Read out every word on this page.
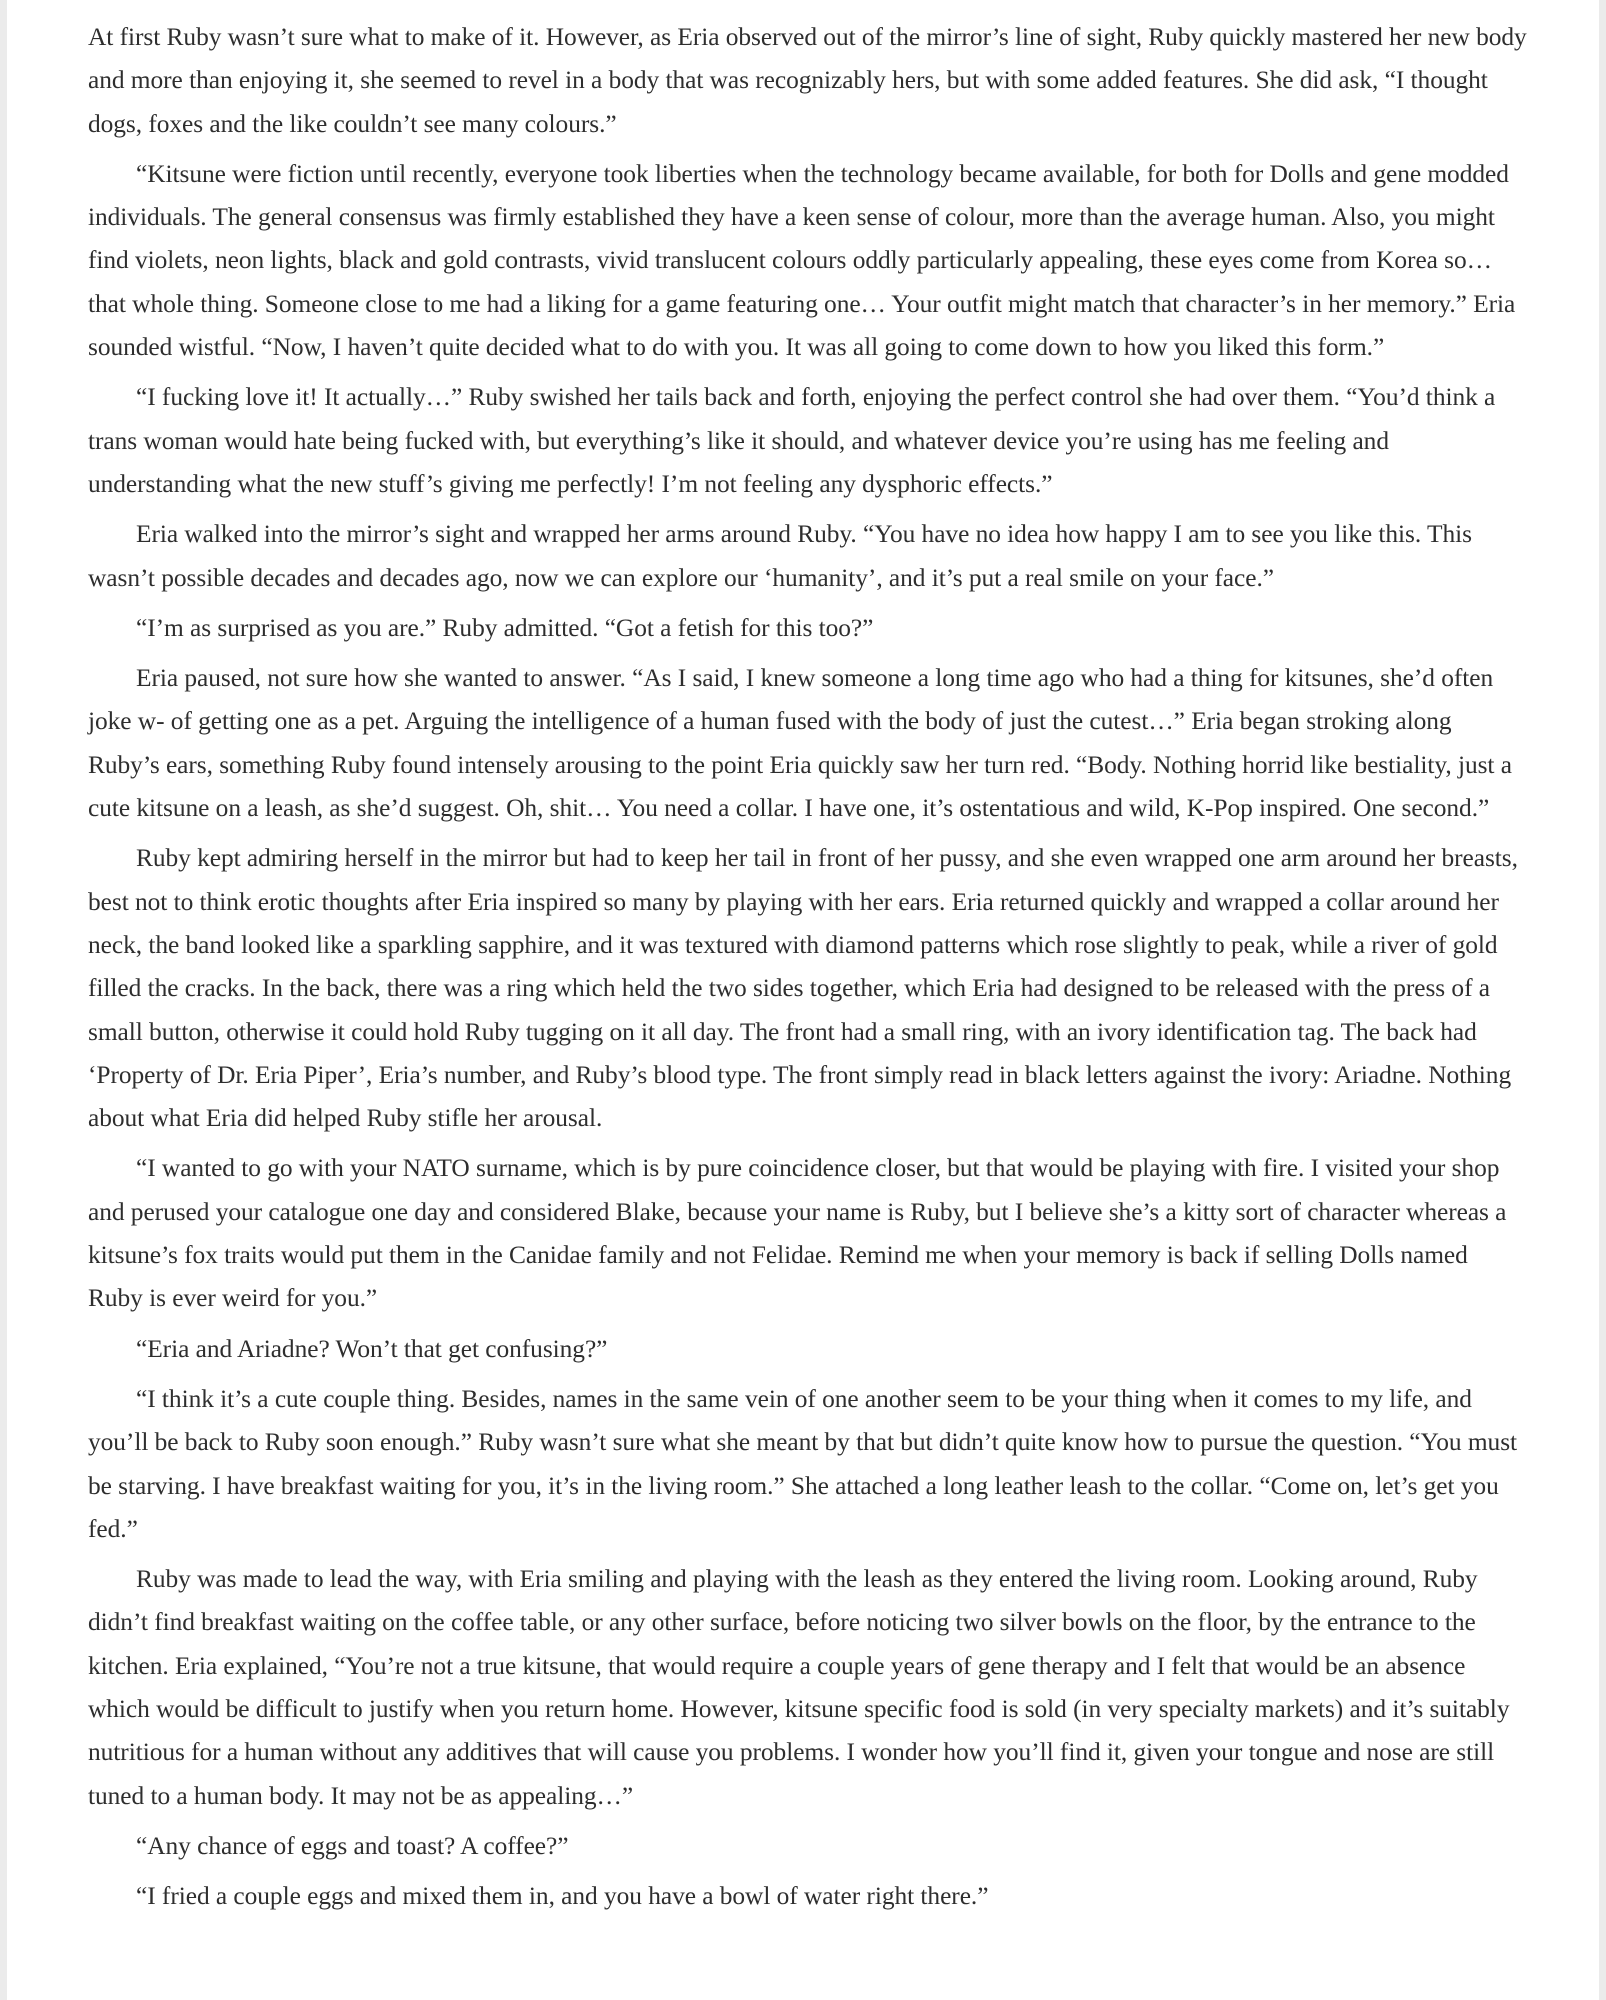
At first Ruby wasn’t sure what to make of it. However, as Eria observed out of the mirror’s line of sight, Ruby quickly mastered her new body and more than enjoying it, she seemed to revel in a body that was recognizably hers, but with some added features. She did ask, “I thought dogs, foxes and the like couldn’t see many colours.”

“Kitsune were fiction until recently, everyone took liberties when the technology became available, for both for Dolls and gene modded individuals. The general consensus was firmly established they have a keen sense of colour, more than the average human. Also, you might find violets, neon lights, black and gold contrasts, vivid translucent colours oddly particularly appealing, these eyes come from Korea so… that whole thing. Someone close to me had a liking for a game featuring one… Your outfit might match that character’s in her memory.” Eria sounded wistful. “Now, I haven’t quite decided what to do with you. It was all going to come down to how you liked this form.”

“I fucking love it! It actually…” Ruby swished her tails back and forth, enjoying the perfect control she had over them. “You’d think a trans woman would hate being fucked with, but everything’s like it should, and whatever device you’re using has me feeling and understanding what the new stuff’s giving me perfectly! I’m not feeling any dysphoric effects.”

Eria walked into the mirror’s sight and wrapped her arms around Ruby. “You have no idea how happy I am to see you like this. This wasn’t possible decades and decades ago, now we can explore our ‘humanity’, and it’s put a real smile on your face.”

“I’m as surprised as you are.” Ruby admitted. “Got a fetish for this too?”

Eria paused, not sure how she wanted to answer. “As I said, I knew someone a long time ago who had a thing for kitsunes, she’d often joke w- of getting one as a pet. Arguing the intelligence of a human fused with the body of just the cutest…” Eria began stroking along Ruby’s ears, something Ruby found intensely arousing to the point Eria quickly saw her turn red. “Body. Nothing horrid like bestiality, just a cute kitsune on a leash, as she’d suggest. Oh, shit… You need a collar. I have one, it’s ostentatious and wild, K-Pop inspired. One second.”

Ruby kept admiring herself in the mirror but had to keep her tail in front of her pussy, and she even wrapped one arm around her breasts, best not to think erotic thoughts after Eria inspired so many by playing with her ears. Eria returned quickly and wrapped a collar around her neck, the band looked like a sparkling sapphire, and it was textured with diamond patterns which rose slightly to peak, while a river of gold filled the cracks. In the back, there was a ring which held the two sides together, which Eria had designed to be released with the press of a small button, otherwise it could hold Ruby tugging on it all day. The front had a small ring, with an ivory identification tag. The back had ‘Property of Dr. Eria Piper’, Eria’s number, and Ruby’s blood type. The front simply read in black letters against the ivory: Ariadne. Nothing about what Eria did helped Ruby stifle her arousal.

“I wanted to go with your NATO surname, which is by pure coincidence closer, but that would be playing with fire. I visited your shop and perused your catalogue one day and considered Blake, because your name is Ruby, but I believe she’s a kitty sort of character whereas a kitsune’s fox traits would put them in the Canidae family and not Felidae. Remind me when your memory is back if selling Dolls named Ruby is ever weird for you.”

“Eria and Ariadne? Won’t that get confusing?”

“I think it’s a cute couple thing. Besides, names in the same vein of one another seem to be your thing when it comes to my life, and you’ll be back to Ruby soon enough.” Ruby wasn’t sure what she meant by that but didn’t quite know how to pursue the question. “You must be starving. I have breakfast waiting for you, it’s in the living room.” She attached a long leather leash to the collar. “Come on, let’s get you fed.”

Ruby was made to lead the way, with Eria smiling and playing with the leash as they entered the living room. Looking around, Ruby didn’t find breakfast waiting on the coffee table, or any other surface, before noticing two silver bowls on the floor, by the entrance to the kitchen. Eria explained, “You’re not a true kitsune, that would require a couple years of gene therapy and I felt that would be an absence which would be difficult to justify when you return home. However, kitsune specific food is sold (in very specialty markets) and it’s suitably nutritious for a human without any additives that will cause you problems. I wonder how you’ll find it, given your tongue and nose are still tuned to a human body. It may not be as appealing…”

“Any chance of eggs and toast? A coffee?”

“I fried a couple eggs and mixed them in, and you have a bowl of water right there.”
